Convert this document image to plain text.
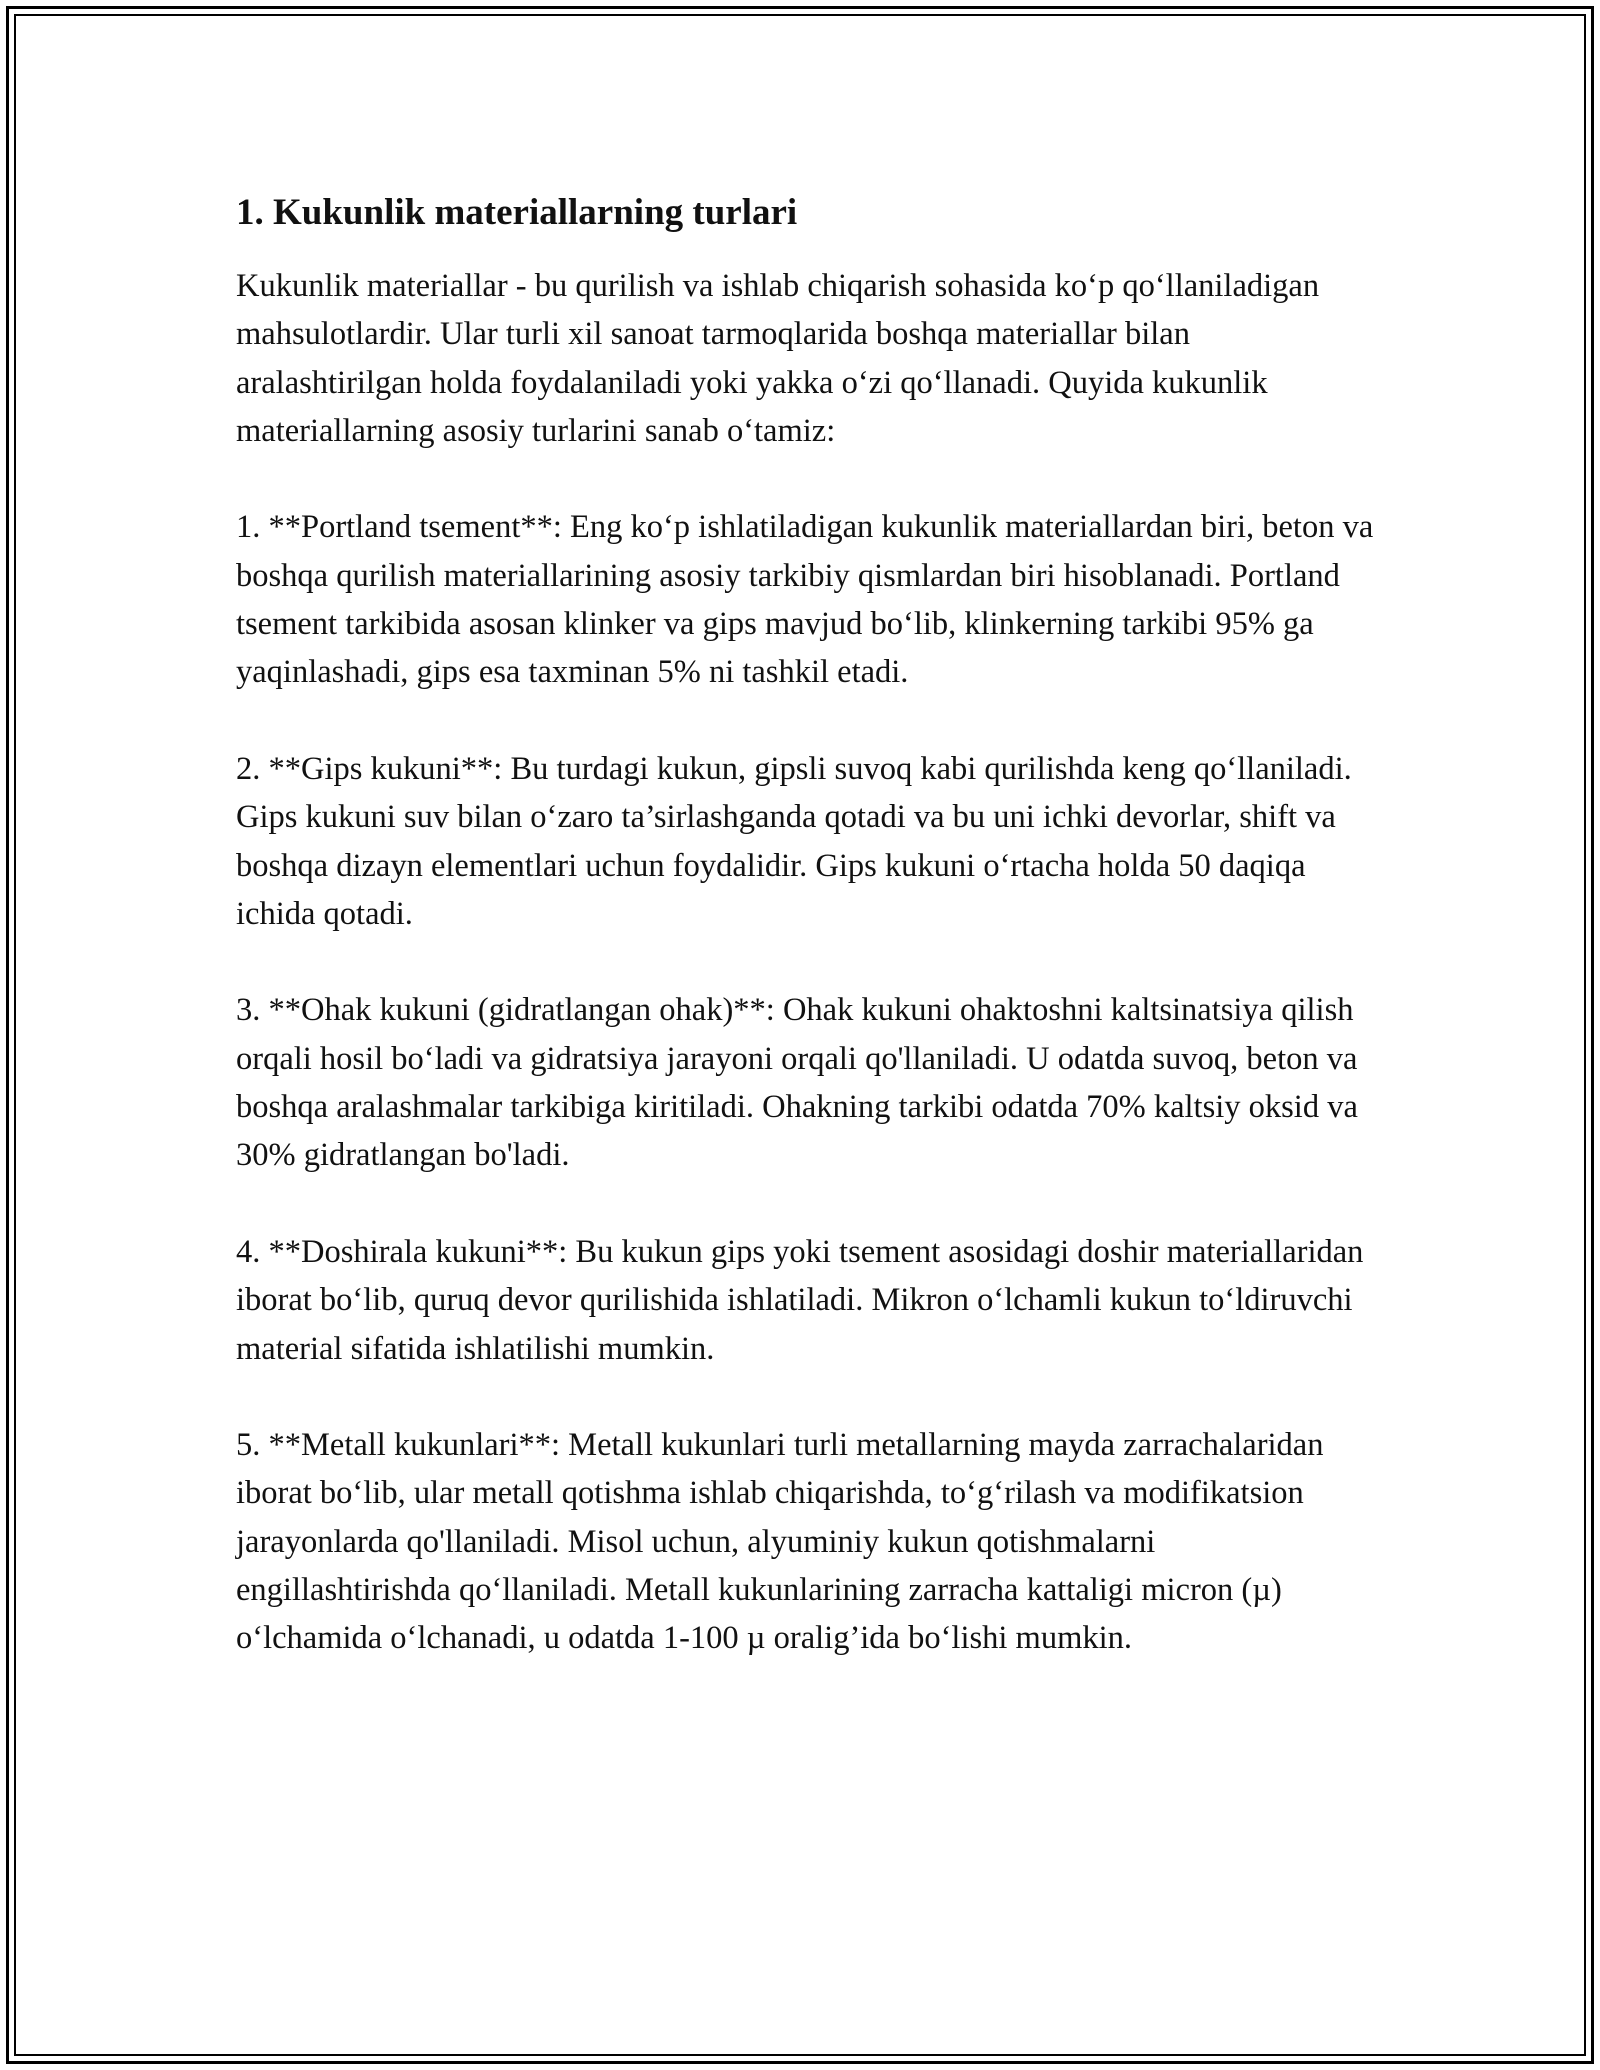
1. Kukunlik materiallarning turlari

Kukunlik materiallar - bu qurilish va ishlab chiqarish sohasida ko‘p qo‘llaniladigan mahsulotlardir. Ular turli xil sanoat tarmoqlarida boshqa materiallar bilan aralashtirilgan holda foydalaniladi yoki yakka o‘zi qo‘llanadi. Quyida kukunlik materiallarning asosiy turlarini sanab o‘tamiz:

1. **Portland tsement**: Eng ko‘p ishlatiladigan kukunlik materiallardan biri, beton va boshqa qurilish materiallarining asosiy tarkibiy qismlardan biri hisoblanadi. Portland tsement tarkibida asosan klinker va gips mavjud bo‘lib, klinkerning tarkibi 95% ga yaqinlashadi, gips esa taxminan 5% ni tashkil etadi.

2. **Gips kukuni**: Bu turdagi kukun, gipsli suvoq kabi qurilishda keng qo‘llaniladi. Gips kukuni suv bilan o‘zaro ta’sirlashganda qotadi va bu uni ichki devorlar, shift va boshqa dizayn elementlari uchun foydalidir. Gips kukuni o‘rtacha holda 50 daqiqa ichida qotadi.

3. **Ohak kukuni (gidratlangan ohak)**: Ohak kukuni ohaktoshni kaltsinatsiya qilish orqali hosil bo‘ladi va gidratsiya jarayoni orqali qo'llaniladi. U odatda suvoq, beton va boshqa aralashmalar tarkibiga kiritiladi. Ohakning tarkibi odatda 70% kaltsiy oksid va 30% gidratlangan bo'ladi.

4. **Doshirala kukuni**: Bu kukun gips yoki tsement asosidagi doshir materiallaridan iborat bo‘lib, quruq devor qurilishida ishlatiladi. Mikron o‘lchamli kukun to‘ldiruvchi material sifatida ishlatilishi mumkin.

5. **Metall kukunlari**: Metall kukunlari turli metallarning mayda zarrachalaridan iborat bo‘lib, ular metall qotishma ishlab chiqarishda, to‘g‘rilash va modifikatsion jarayonlarda qo'llaniladi. Misol uchun, alyuminiy kukun qotishmalarni engillashtirishda qo‘llaniladi. Metall kukunlarining zarracha kattaligi micron (µ) o‘lchamida o‘lchanadi, u odatda 1-100 µ oralig’ida bo‘lishi mumkin.
